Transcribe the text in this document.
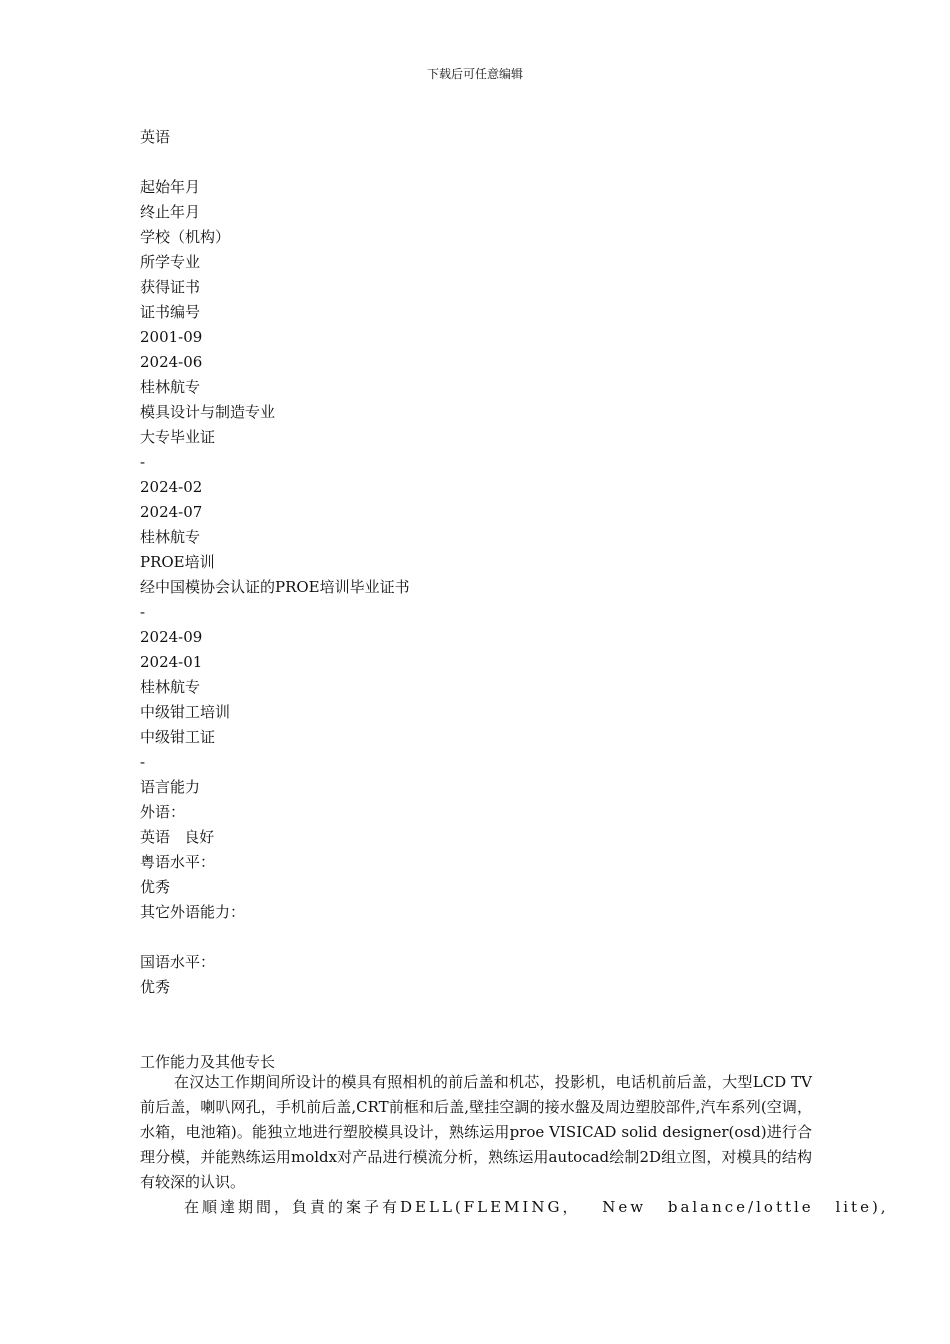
下载后可任意编辑
英语
起始年月
终止年月
学校（机构）
所学专业
获得证书
证书编号
2001-09
2024-06
桂林航专
模具设计与制造专业
大专毕业证
-
2024-02
2024-07
桂林航专
PROE培训
经中国模协会认证的PROE培训毕业证书
-
2024-09
2024-01
桂林航专
中级钳工培训
中级钳工证
-
语言能力
外语：
英语   良好
粤语水平：
优秀
其它外语能力：
国语水平：
优秀
工作能力及其他专长
在汉达工作期间所设计的模具有照相机的前后盖和机芯，投影机，电话机前后盖，大型LCD TV前后盖，喇叭网孔，手机前后盖,CRT前框和后盖,壁挂空調的接水盤及周边塑胶部件,汽车系列(空调，水箱，电池箱)。能独立地进行塑胶模具设计，熟练运用proe VISICAD solid designer(osd)进行合理分模，并能熟练运用moldx对产品进行模流分析，熟练运用autocad绘制2D组立图，对模具的结构有较深的认识。
在順達期間，負責的案子有DELL(FLEMING， New balance/lottle lite),
